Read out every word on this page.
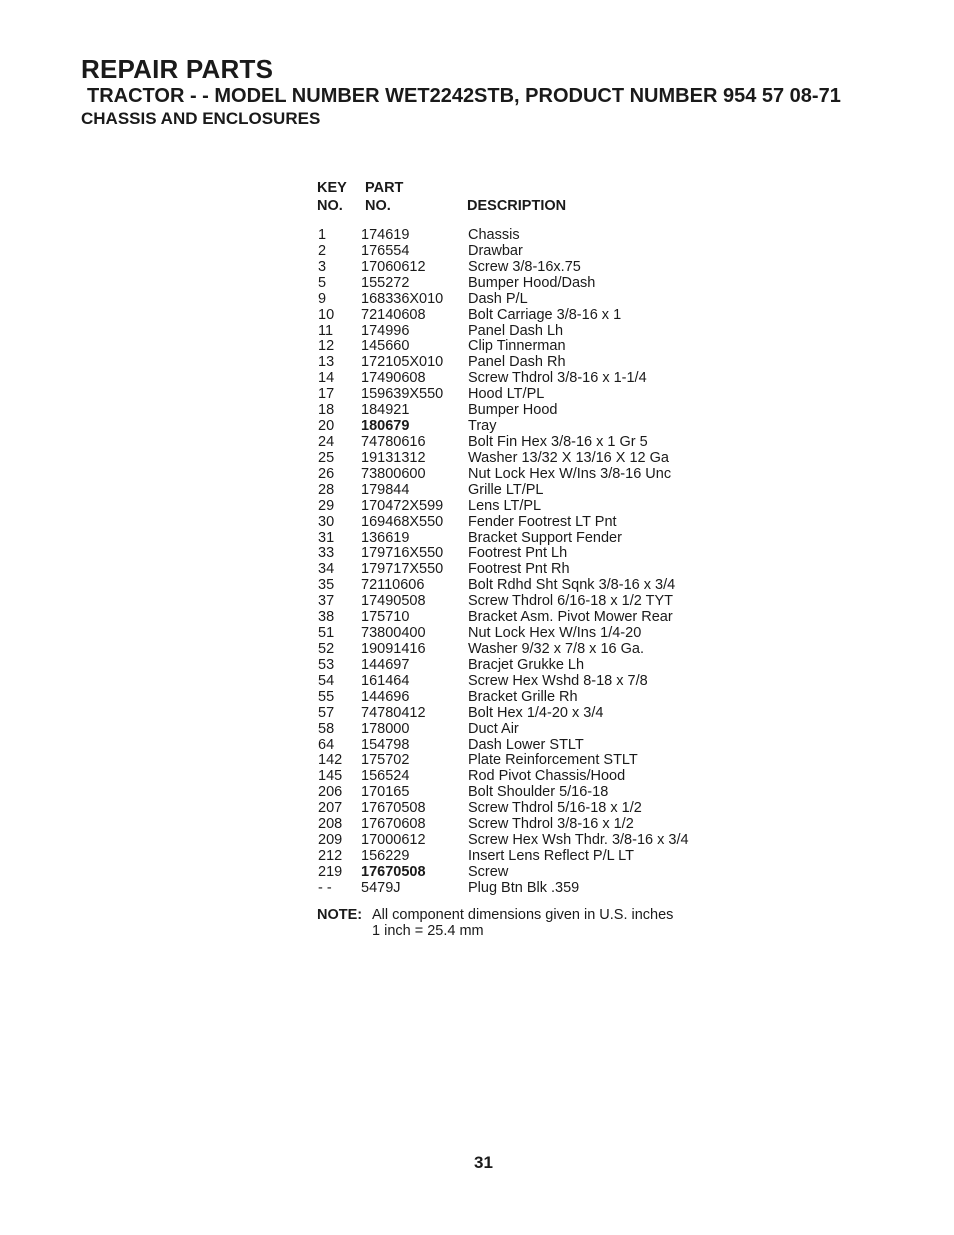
REPAIR PARTS
TRACTOR - - MODEL NUMBER WET2242STB, PRODUCT NUMBER 954 57 08-71
CHASSIS AND ENCLOSURES
KEY
NO.
PART
NO.	DESCRIPTION
1 174619	Chassis
2 176554	Drawbar
3 17060612	Screw 3/8-16x.75
5 155272	Bumper Hood/Dash
9 168336X010 Dash P/L
10 72140608	Bolt Carriage 3/8-16 x 1
11 174996	Panel Dash Lh
12 145660	Clip Tinnerman
13 172105X010 Panel Dash Rh
14 17490608	Screw Thdrol 3/8-16 x 1-1/4
17 159639X550 Hood LT/PL
18 184921	Bumper Hood
20 180679	Tray
24 74780616	Bolt Fin Hex 3/8-16 x 1 Gr 5
25 19131312	Washer 13/32 X 13/16 X 12 Ga
26 73800600	Nut Lock Hex W/Ins 3/8-16 Unc
28 179844	Grille LT/PL
29 170472X599 Lens LT/PL
30 169468X550 Fender Footrest LT Pnt
31 136619	Bracket Support Fender
33 179716X550 Footrest Pnt Lh
34 179717X550 Footrest Pnt Rh
35 72110606	Bolt Rdhd Sht Sqnk 3/8-16 x 3/4
37 17490508	Screw Thdrol 6/16-18 x 1/2 TYT
38 175710	Bracket Asm. Pivot Mower Rear
51 73800400	Nut Lock Hex W/Ins 1/4-20
52 19091416	Washer 9/32 x 7/8 x 16 Ga.
53 144697	Bracjet Grukke Lh
54 161464	Screw Hex Wshd 8-18 x 7/8
55 144696	Bracket Grille Rh
57 74780412	Bolt Hex 1/4-20 x 3/4
58 178000	Duct Air
64 154798	Dash Lower STLT
142 175702	Plate Reinforcement STLT
145 156524	Rod Pivot Chassis/Hood
206 170165	Bolt Shoulder 5/16-18
207 17670508	Screw Thdrol 5/16-18 x 1/2
208 17670608	Screw Thdrol 3/8-16 x 1/2
209 17000612	Screw Hex Wsh Thdr. 3/8-16 x 3/4
212 156229	Insert Lens Reflect P/L LT
219 17670508	Screw
- - 5479J	Plug Btn Blk .359
NOTE: All component dimensions given in U.S. inches
1 inch = 25.4 mm
31
